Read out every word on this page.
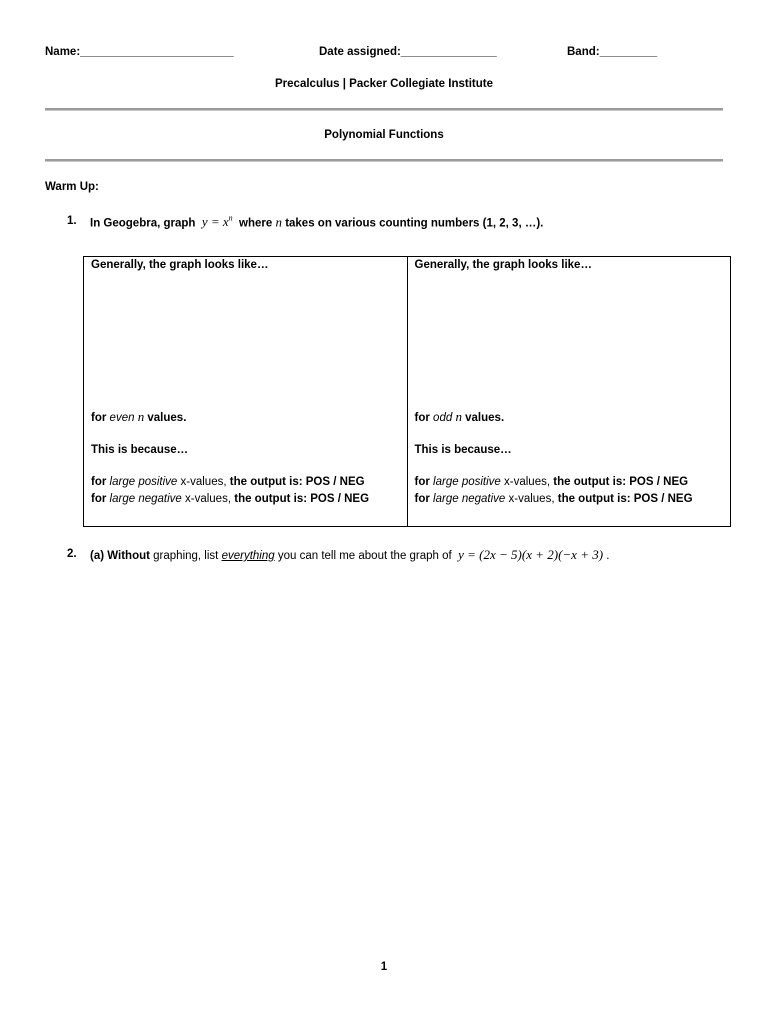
Name:________________________	Date assigned:_______________	Band:_________
Precalculus | Packer Collegiate Institute
Polynomial Functions
Warm Up:
1. In Geogebra, graph $y = x^n$ where n takes on various counting numbers (1, 2, 3, …).
Generally, the graph looks like…
for even n values.
This is because…
for large positive x-values, the output is: POS / NEG
for large negative x-values, the output is: POS / NEG

Generally, the graph looks like…
for odd n values.
This is because…
for large positive x-values, the output is: POS / NEG
for large negative x-values, the output is: POS / NEG
2. (a) Without graphing, list everything you can tell me about the graph of y = (2x − 5)(x + 2)(−x + 3) .
1
